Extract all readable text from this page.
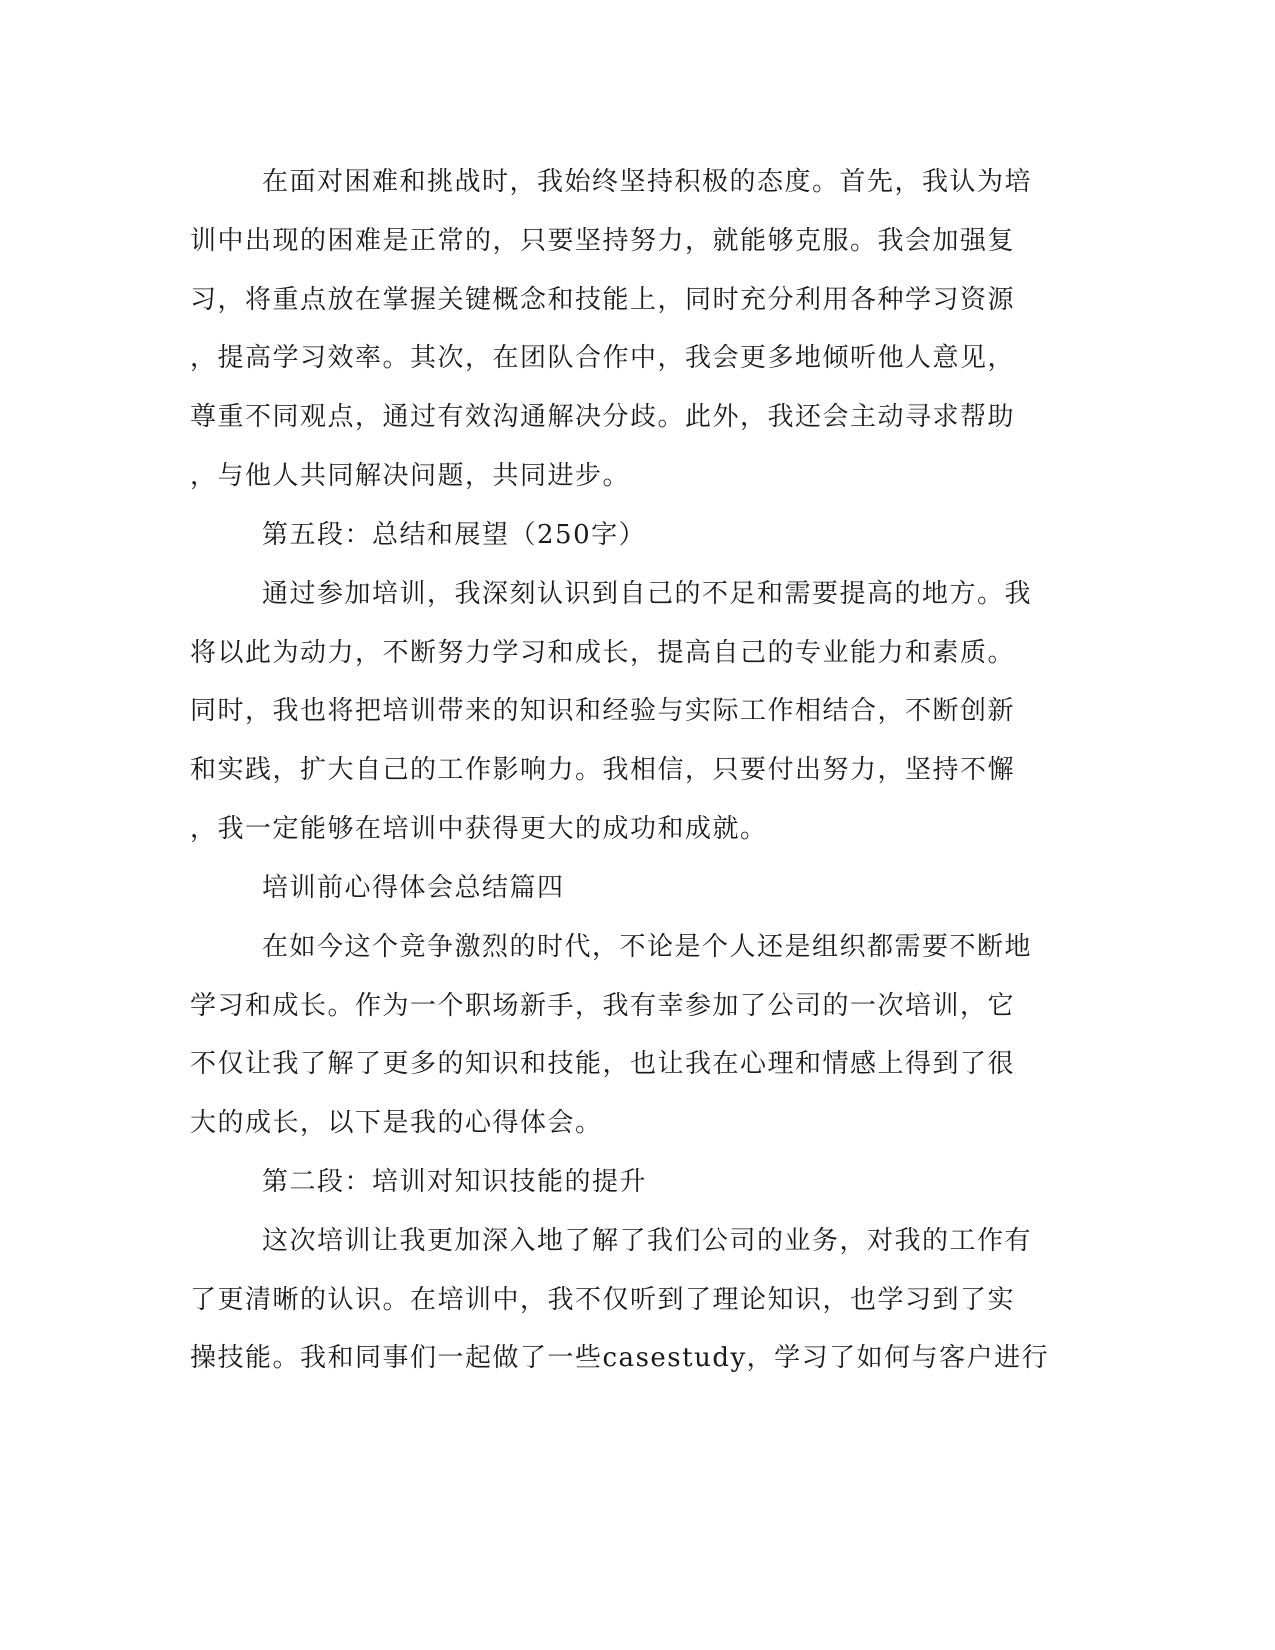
在面对困难和挑战时，我始终坚持积极的态度。首先，我认为培
训中出现的困难是正常的，只要坚持努力，就能够克服。我会加强复
习，将重点放在掌握关键概念和技能上，同时充分利用各种学习资源
，提高学习效率。其次，在团队合作中，我会更多地倾听他人意见，
尊重不同观点，通过有效沟通解决分歧。此外，我还会主动寻求帮助
，与他人共同解决问题，共同进步。
第五段：总结和展望（250字）
通过参加培训，我深刻认识到自己的不足和需要提高的地方。我
将以此为动力，不断努力学习和成长，提高自己的专业能力和素质。
同时，我也将把培训带来的知识和经验与实际工作相结合，不断创新
和实践，扩大自己的工作影响力。我相信，只要付出努力，坚持不懈
，我一定能够在培训中获得更大的成功和成就。
培训前心得体会总结篇四
在如今这个竞争激烈的时代，不论是个人还是组织都需要不断地
学习和成长。作为一个职场新手，我有幸参加了公司的一次培训，它
不仅让我了解了更多的知识和技能，也让我在心理和情感上得到了很
大的成长，以下是我的心得体会。
第二段：培训对知识技能的提升
这次培训让我更加深入地了解了我们公司的业务，对我的工作有
了更清晰的认识。在培训中，我不仅听到了理论知识，也学习到了实
操技能。我和同事们一起做了一些casestudy，学习了如何与客户进行
